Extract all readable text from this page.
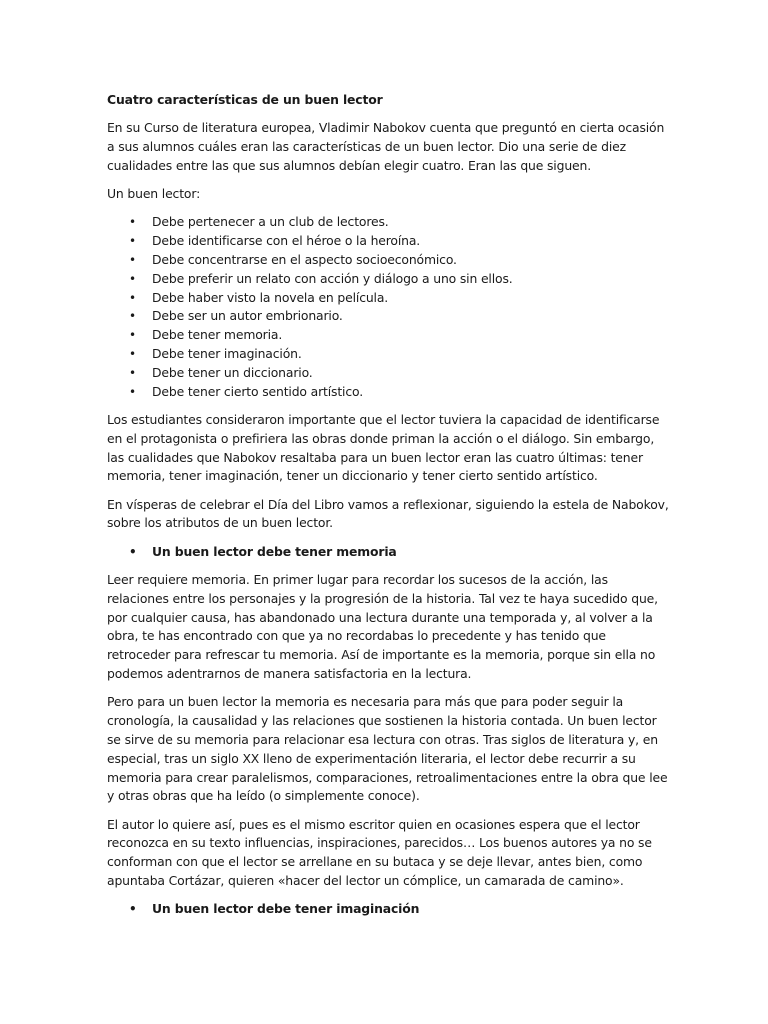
Cuatro características de un buen lector
En su Curso de literatura europea, Vladimir Nabokov cuenta que preguntó en cierta ocasión a sus alumnos cuáles eran las características de un buen lector. Dio una serie de diez cualidades entre las que sus alumnos debían elegir cuatro. Eran las que siguen.
Un buen lector:
• Debe pertenecer a un club de lectores.
• Debe identificarse con el héroe o la heroína.
• Debe concentrarse en el aspecto socioeconómico.
• Debe preferir un relato con acción y diálogo a uno sin ellos.
• Debe haber visto la novela en película.
• Debe ser un autor embrionario.
• Debe tener memoria.
• Debe tener imaginación.
• Debe tener un diccionario.
• Debe tener cierto sentido artístico.
Los estudiantes consideraron importante que el lector tuviera la capacidad de identificarse en el protagonista o prefiriera las obras donde priman la acción o el diálogo. Sin embargo, las cualidades que Nabokov resaltaba para un buen lector eran las cuatro últimas: tener memoria, tener imaginación, tener un diccionario y tener cierto sentido artístico.
En vísperas de celebrar el Día del Libro vamos a reflexionar, siguiendo la estela de Nabokov, sobre los atributos de un buen lector.
• Un buen lector debe tener memoria
Leer requiere memoria. En primer lugar para recordar los sucesos de la acción, las relaciones entre los personajes y la progresión de la historia. Tal vez te haya sucedido que, por cualquier causa, has abandonado una lectura durante una temporada y, al volver a la obra, te has encontrado con que ya no recordabas lo precedente y has tenido que retroceder para refrescar tu memoria. Así de importante es la memoria, porque sin ella no podemos adentrarnos de manera satisfactoria en la lectura.
Pero para un buen lector la memoria es necesaria para más que para poder seguir la cronología, la causalidad y las relaciones que sostienen la historia contada. Un buen lector se sirve de su memoria para relacionar esa lectura con otras. Tras siglos de literatura y, en especial, tras un siglo XX lleno de experimentación literaria, el lector debe recurrir a su memoria para crear paralelismos, comparaciones, retroalimentaciones entre la obra que lee y otras obras que ha leído (o simplemente conoce).
El autor lo quiere así, pues es el mismo escritor quien en ocasiones espera que el lector reconozca en su texto influencias, inspiraciones, parecidos… Los buenos autores ya no se conforman con que el lector se arrellane en su butaca y se deje llevar, antes bien, como apuntaba Cortázar, quieren «hacer del lector un cómplice, un camarada de camino».
• Un buen lector debe tener imaginación
